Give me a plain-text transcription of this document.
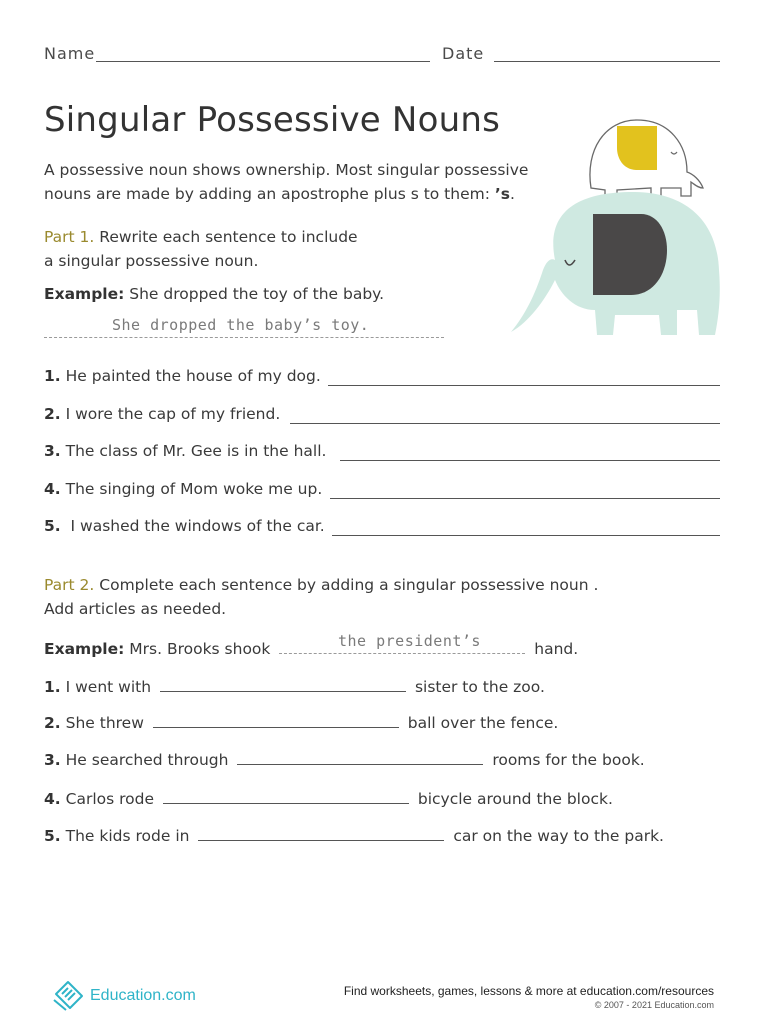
Name	Date
Singular Possessive Nouns
A possessive noun shows ownership. Most singular possessive nouns are made by adding an apostrophe plus s to them: ’s.
Part 1. Rewrite each sentence to include
a singular possessive noun.
Example: She dropped the toy of the baby.
She dropped the baby’s toy.
1. He painted the house of my dog.
2. I wore the cap of my friend.
3. The class of Mr. Gee is in the hall.
4. The singing of Mom woke me up.
5.  I washed the windows of the car.
Part 2. Complete each sentence by adding a singular possessive noun .
Add articles as needed.
Example: Mrs. Brooks shook	hand.
the president’s
1. I went with	sister to the zoo.
2. She threw	ball over the fence.
3. He searched through	rooms for the book.
4. Carlos rode	bicycle around the block.
5. The kids rode in	car on the way to the park.
Education.com	Find worksheets, games, lessons & more at education.com/resources
© 2007 - 2021 Education.com
